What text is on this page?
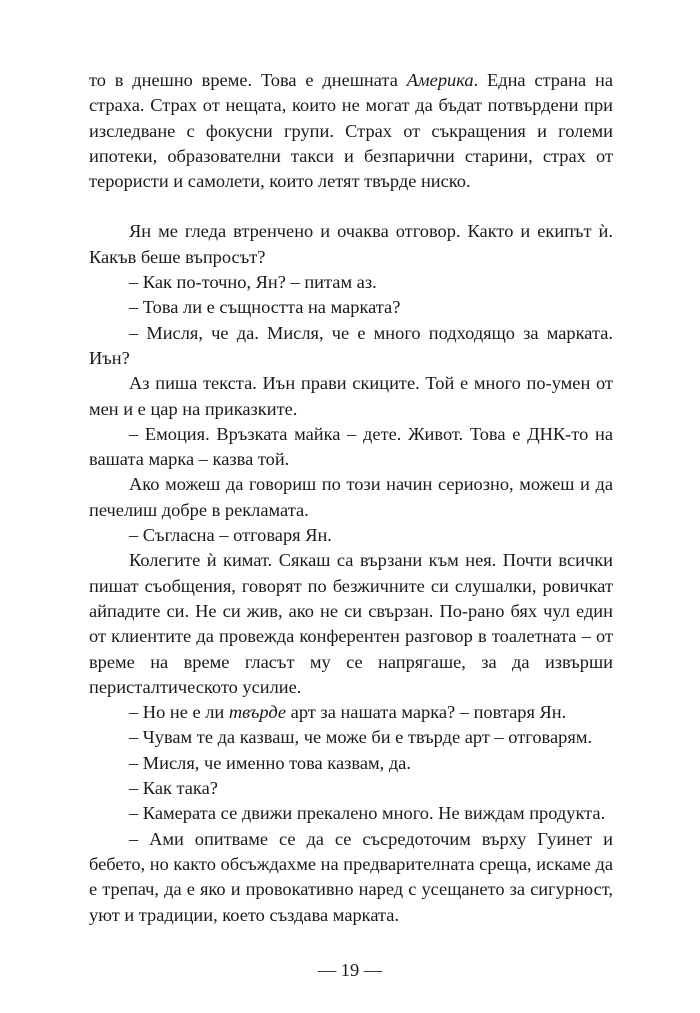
то в днешно време. Това е днешната Америка. Една страна на страха. Страх от нещата, които не могат да бъдат потвърдени при изследване с фокусни групи. Страх от съкращения и големи ипотеки, образователни такси и безпарични старини, страх от терористи и самолети, които летят твърде ниско.

Ян ме гледа втренчено и очаква отговор. Както и екипът ѝ. Какъв беше въпросът?

– Как по-точно, Ян? – питам аз.

– Това ли е същността на марката?

– Мисля, че да. Мисля, че е много подходящо за марката. Иън?

Аз пиша текста. Иън прави скиците. Той е много по-умен от мен и е цар на приказките.

– Емоция. Връзката майка – дете. Живот. Това е ДНК-то на вашата марка – казва той.

Ако можеш да говориш по този начин сериозно, можеш и да печелиш добре в рекламата.

– Съгласна – отговаря Ян.

Колегите ѝ кимат. Сякаш са вързани към нея. Почти всички пишат съобщения, говорят по безжичните си слушалки, ровичкат айпадите си. Не си жив, ако не си свързан. По-рано бях чул един от клиентите да провежда конферентен разговор в тоалетната – от време на време гласът му се напрягаше, за да извърши перисталтическото усилие.

– Но не е ли твърде арт за нашата марка? – повтаря Ян.

– Чувам те да казваш, че може би е твърде арт – отговарям.

– Мисля, че именно това казвам, да.

– Как така?

– Камерата се движи прекалено много. Не виждам продукта.

– Ами опитваме се да се съсредоточим върху Гуинет и бебето, но както обсъждахме на предварителната среща, искаме да е трепач, да е яко и провокативно наред с усещането за сигурност, уют и традиции, което създава марката.

— 19 —
